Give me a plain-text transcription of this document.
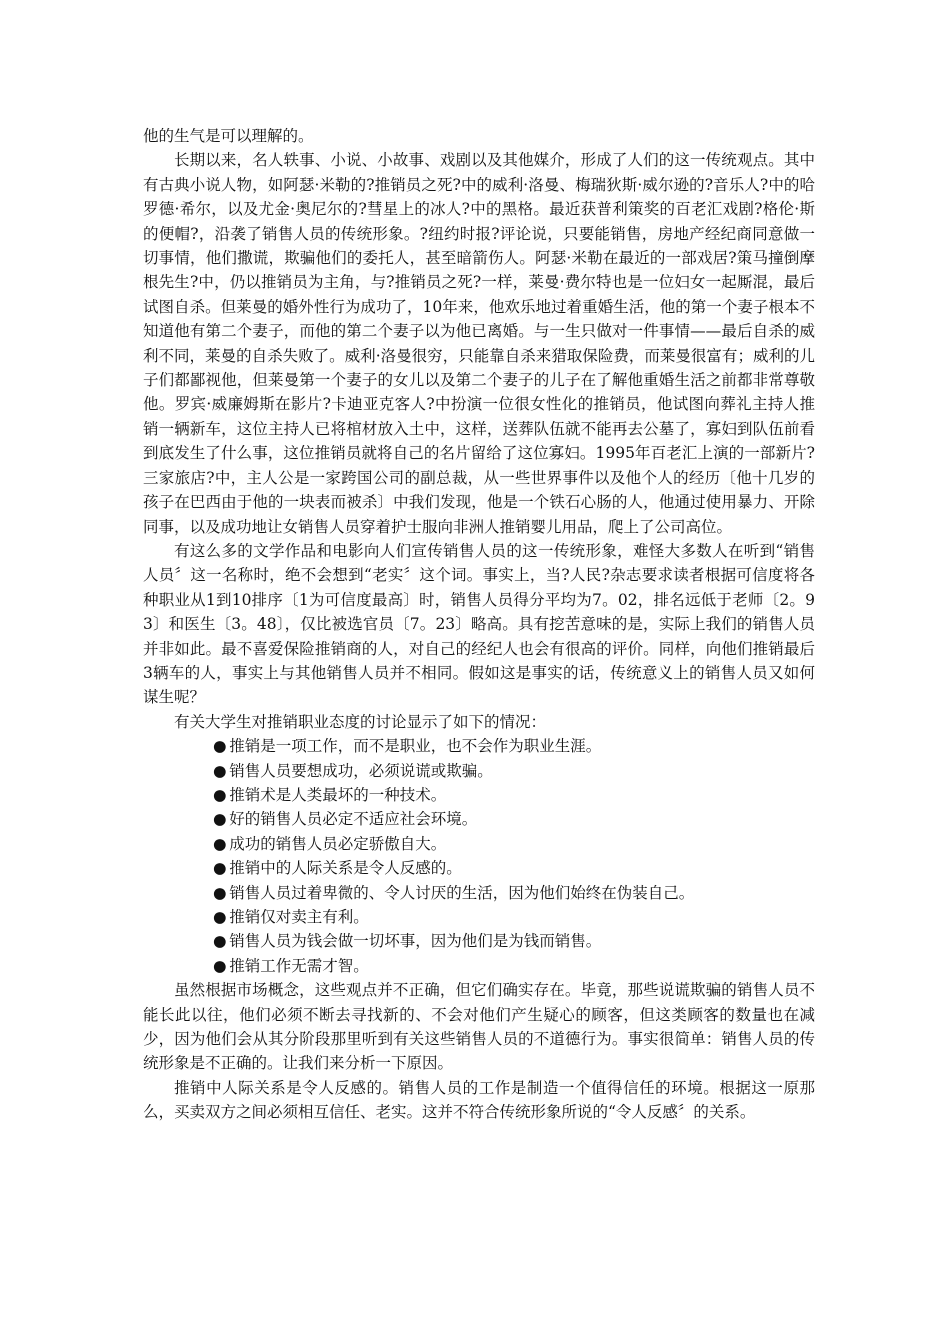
他的生气是可以理解的。

长期以来，名人轶事、小说、小故事、戏剧以及其他媒介，形成了人们的这一传统观点。其中有古典小说人物，如阿瑟·米勒的?推销员之死?中的威利·洛曼、梅瑞狄斯·威尔逊的?音乐人?中的哈罗德·希尔，以及尤金·奥尼尔的?彗星上的冰人?中的黑格。最近获普利策奖的百老汇戏剧?格伦·斯的便帽?，沿袭了销售人员的传统形象。?纽约时报?评论说，只要能销售，房地产经纪商同意做一切事情，他们撒谎，欺骗他们的委托人，甚至暗箭伤人。阿瑟·米勒在最近的一部戏居?策马撞倒摩根先生?中，仍以推销员为主角，与?推销员之死?一样，莱曼·费尔特也是一位妇女一起厮混，最后试图自杀。但莱曼的婚外性行为成功了，10年来，他欢乐地过着重婚生活，他的第一个妻子根本不知道他有第二个妻子，而他的第二个妻子以为他已离婚。与一生只做对一件事情——最后自杀的威利不同，莱曼的自杀失败了。威利·洛曼很穷，只能靠自杀来猎取保险费，而莱曼很富有；威利的儿子们都鄙视他，但莱曼第一个妻子的女儿以及第二个妻子的儿子在了解他重婚生活之前都非常尊敬他。罗宾·威廉姆斯在影片?卡迪亚克客人?中扮演一位很女性化的推销员，他试图向葬礼主持人推销一辆新车，这位主持人已将棺材放入土中，这样，送葬队伍就不能再去公墓了，寡妇到队伍前看到底发生了什么事，这位推销员就将自己的名片留给了这位寡妇。1995年百老汇上演的一部新片?三家旅店?中，主人公是一家跨国公司的副总裁，从一些世界事件以及他个人的经历〔他十几岁的孩子在巴西由于他的一块表而被杀〕中我们发现，他是一个铁石心肠的人，他通过使用暴力、开除同事，以及成功地让女销售人员穿着护士服向非洲人推销婴儿用品，爬上了公司高位。

有这么多的文学作品和电影向人们宣传销售人员的这一传统形象，难怪大多数人在听到“销售人员〞这一名称时，绝不会想到“老实〞这个词。事实上，当?人民?杂志要求读者根据可信度将各种职业从1到10排序〔1为可信度最高〕时，销售人员得分平均为7。02，排名远低于老师〔2。93〕和医生〔3。48〕，仅比被选官员〔7。23〕略高。具有挖苦意味的是，实际上我们的销售人员并非如此。最不喜爱保险推销商的人，对自己的经纪人也会有很高的评价。同样，向他们推销最后3辆车的人，事实上与其他销售人员并不相同。假如这是事实的话，传统意义上的销售人员又如何谋生呢？

有关大学生对推销职业态度的讨论显示了如下的情况：

● 推销是一项工作，而不是职业，也不会作为职业生涯。
● 销售人员要想成功，必须说谎或欺骗。
● 推销术是人类最坏的一种技术。
● 好的销售人员必定不适应社会环境。
● 成功的销售人员必定骄傲自大。
● 推销中的人际关系是令人反感的。
● 销售人员过着卑微的、令人讨厌的生活，因为他们始终在伪装自己。
● 推销仅对卖主有利。
● 销售人员为钱会做一切坏事，因为他们是为钱而销售。
● 推销工作无需才智。

虽然根据市场概念，这些观点并不正确，但它们确实存在。毕竟，那些说谎欺骗的销售人员不能长此以往，他们必须不断去寻找新的、不会对他们产生疑心的顾客，但这类顾客的数量也在减少，因为他们会从其分阶段那里听到有关这些销售人员的不道德行为。事实很简单：销售人员的传统形象是不正确的。让我们来分析一下原因。

推销中人际关系是令人反感的。销售人员的工作是制造一个值得信任的环境。根据这一原那么，买卖双方之间必须相互信任、老实。这并不符合传统形象所说的“令人反感〞的关系。
